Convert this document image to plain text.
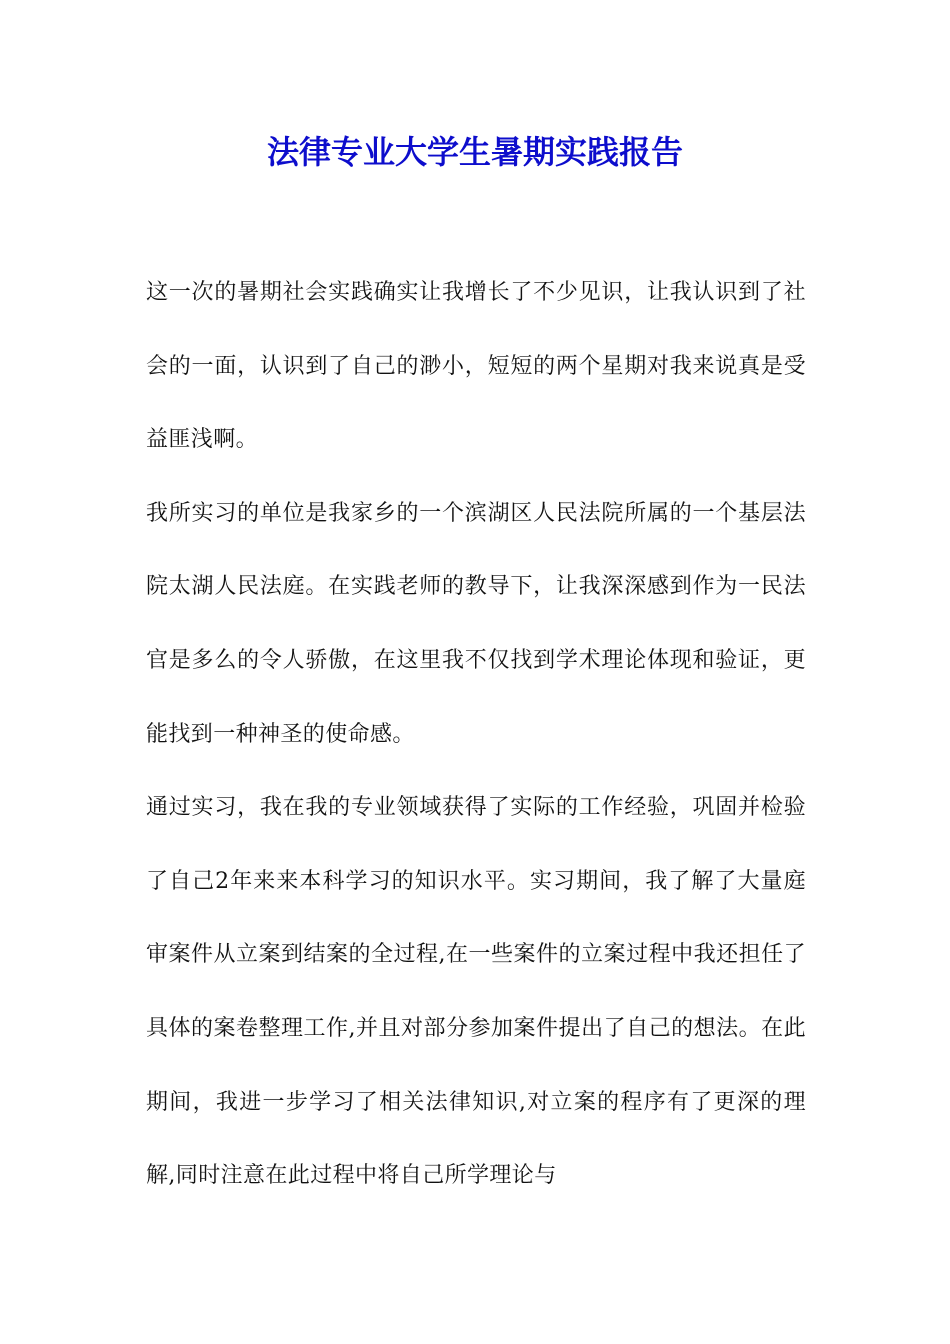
法律专业大学生暑期实践报告

这一次的暑期社会实践确实让我增长了不少见识，让我认识到了社会的一面，认识到了自己的渺小，短短的两个星期对我来说真是受益匪浅啊。

我所实习的单位是我家乡的一个滨湖区人民法院所属的一个基层法院太湖人民法庭。在实践老师的教导下，让我深深感到作为一民法官是多么的令人骄傲，在这里我不仅找到学术理论体现和验证，更能找到一种神圣的使命感。

通过实习，我在我的专业领域获得了实际的工作经验，巩固并检验了自己2年来来本科学习的知识水平。实习期间，我了解了大量庭审案件从立案到结案的全过程,在一些案件的立案过程中我还担任了具体的案卷整理工作,并且对部分参加案件提出了自己的想法。在此期间，我进一步学习了相关法律知识,对立案的程序有了更深的理解,同时注意在此过程中将自己所学理论与
